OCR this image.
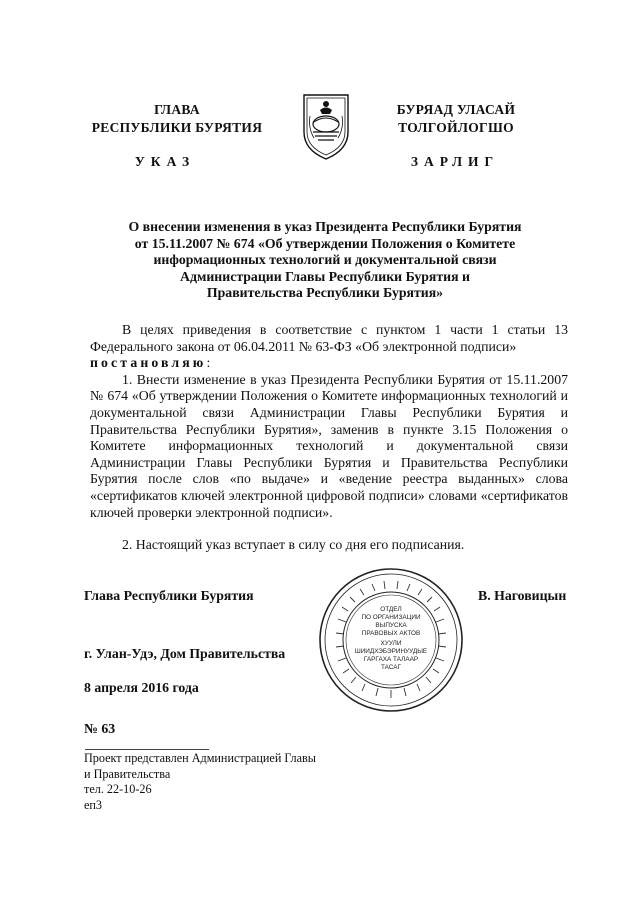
ГЛАВА
РЕСПУБЛИКИ БУРЯТИЯ
БУРЯАД УЛАСАЙ
ТОЛГОЙЛОГШО
УКАЗ	ЗАРЛИГ
О внесении изменения в указ Президента Республики Бурятия
от 15.11.2007 № 674 «Об утверждении Положения о Комитете
информационных технологий и документальной связи
Администрации Главы Республики Бурятия и
Правительства Республики Бурятия»
В целях приведения в соответствие с пунктом 1 части 1 статьи 13 Федерального закона от 06.04.2011 № 63-ФЗ «Об электронной подписи»
постановляю:
1. Внести изменение в указ Президента Республики Бурятия от 15.11.2007 № 674 «Об утверждении Положения о Комитете информационных технологий и документальной связи Администрации Главы Республики Бурятия и Правительства Республики Бурятия», заменив в пункте 3.15 Положения о Комитете информационных технологий и документальной связи Администрации Главы Республики Бурятия и Правительства Республики Бурятия после слов «по выдаче» и «ведение реестра выданных» слова «сертификатов ключей электронной цифровой подписи» словами «сертификатов ключей проверки электронной подписи».
2. Настоящий указ вступает в силу со дня его подписания.
Глава Республики Бурятия	В. Наговицын
г. Улан-Удэ, Дом Правительства
8 апреля 2016 года
№ 63
ОТДЕЛ
ПО ОРГАНИЗАЦИИ
ВЫПУСКА
ПРАВОВЫХ АКТОВ
ХУУЛИ
ШИИДХЭБЭРИНУУДЫЕ
ГАРГАХА ТАЛААР
ТАСАГ
Проект представлен Администрацией Главы
и Правительства
тел. 22-10-26
еп3
